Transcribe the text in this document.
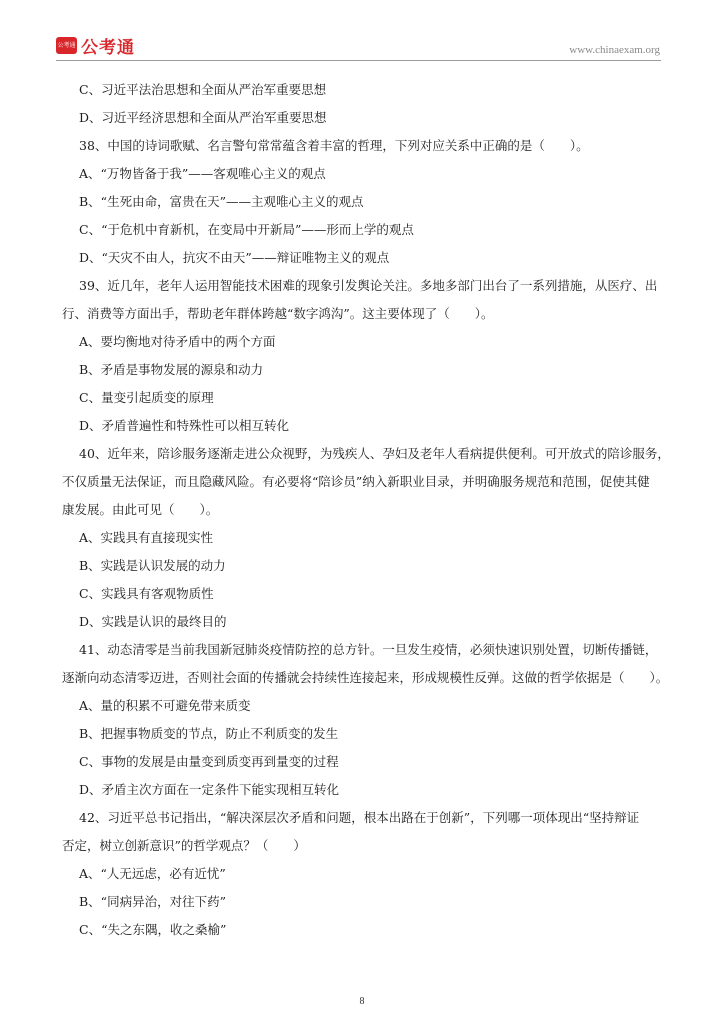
公考通 公考通	www.chinaexam.org
C、习近平法治思想和全面从严治军重要思想
D、习近平经济思想和全面从严治军重要思想
38、中国的诗词歌赋、名言警句常常蕴含着丰富的哲理，下列对应关系中正确的是（　　）。
A、“万物皆备于我”——客观唯心主义的观点
B、“生死由命，富贵在天”——主观唯心主义的观点
C、“于危机中育新机，在变局中开新局”——形而上学的观点
D、“天灾不由人，抗灾不由天”——辩证唯物主义的观点
39、近几年，老年人运用智能技术困难的现象引发舆论关注。多地多部门出台了一系列措施，从医疗、出
行、消费等方面出手，帮助老年群体跨越“数字鸿沟”。这主要体现了（　　）。
A、要均衡地对待矛盾中的两个方面
B、矛盾是事物发展的源泉和动力
C、量变引起质变的原理
D、矛盾普遍性和特殊性可以相互转化
40、近年来，陪诊服务逐渐走进公众视野，为残疾人、孕妇及老年人看病提供便利。可开放式的陪诊服务，
不仅质量无法保证，而且隐藏风险。有必要将“陪诊员”纳入新职业目录，并明确服务规范和范围，促使其健
康发展。由此可见（　　）。
A、实践具有直接现实性
B、实践是认识发展的动力
C、实践具有客观物质性
D、实践是认识的最终目的
41、动态清零是当前我国新冠肺炎疫情防控的总方针。一旦发生疫情，必须快速识别处置，切断传播链，
逐渐向动态清零迈进，否则社会面的传播就会持续性连接起来，形成规模性反弹。这做的哲学依据是（　　）。
A、量的积累不可避免带来质变
B、把握事物质变的节点，防止不利质变的发生
C、事物的发展是由量变到质变再到量变的过程
D、矛盾主次方面在一定条件下能实现相互转化
42、习近平总书记指出，“解决深层次矛盾和问题，根本出路在于创新”，下列哪一项体现出“坚持辩证
否定，树立创新意识”的哲学观点？（　　）
A、“人无远虑，必有近忧”
B、“同病异治，对往下药”
C、“失之东隅，收之桑榆”
8
